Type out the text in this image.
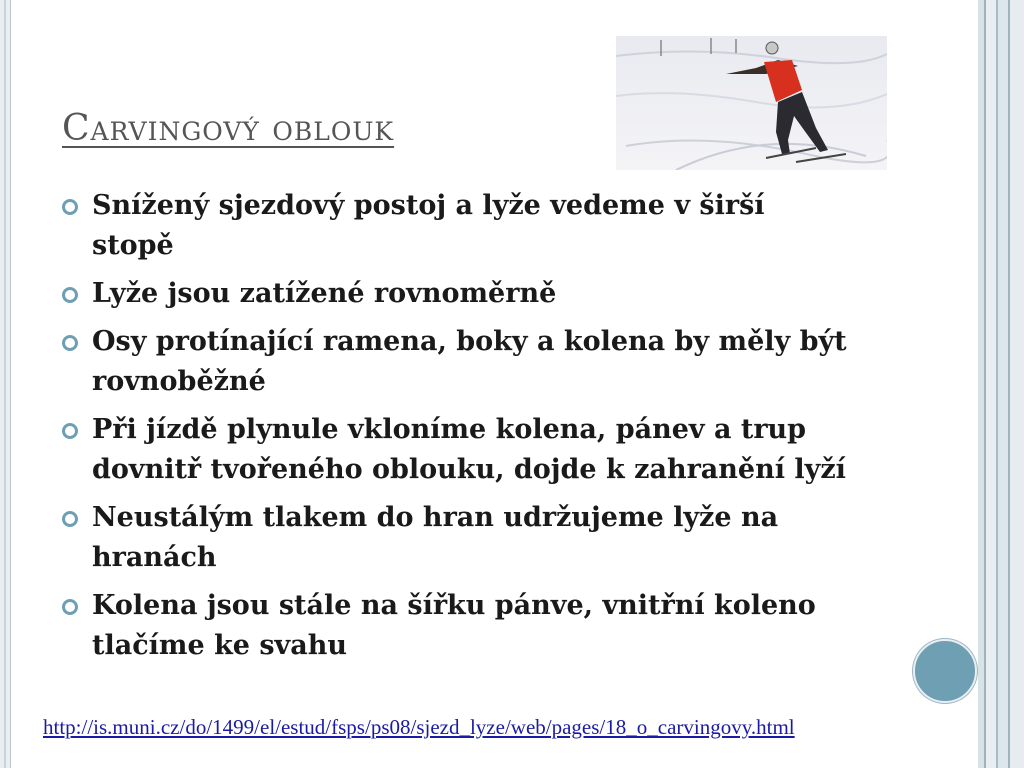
Carvingový oblouk
Snížený sjezdový postoj a lyže vedeme v širší stopě
Lyže jsou zatížené rovnoměrně
Osy protínající ramena, boky a kolena by měly být rovnoběžné
Při jízdě plynule vkloníme kolena, pánev a trup dovnitř tvořeného oblouku, dojde k zahranění lyží
Neustálým tlakem do hran udržujeme lyže na hranách
Kolena jsou stále na šířku pánve, vnitřní koleno tlačíme ke svahu
http://is.muni.cz/do/1499/el/estud/fsps/ps08/sjezd_lyze/web/pages/18_o_carvingovy.html
